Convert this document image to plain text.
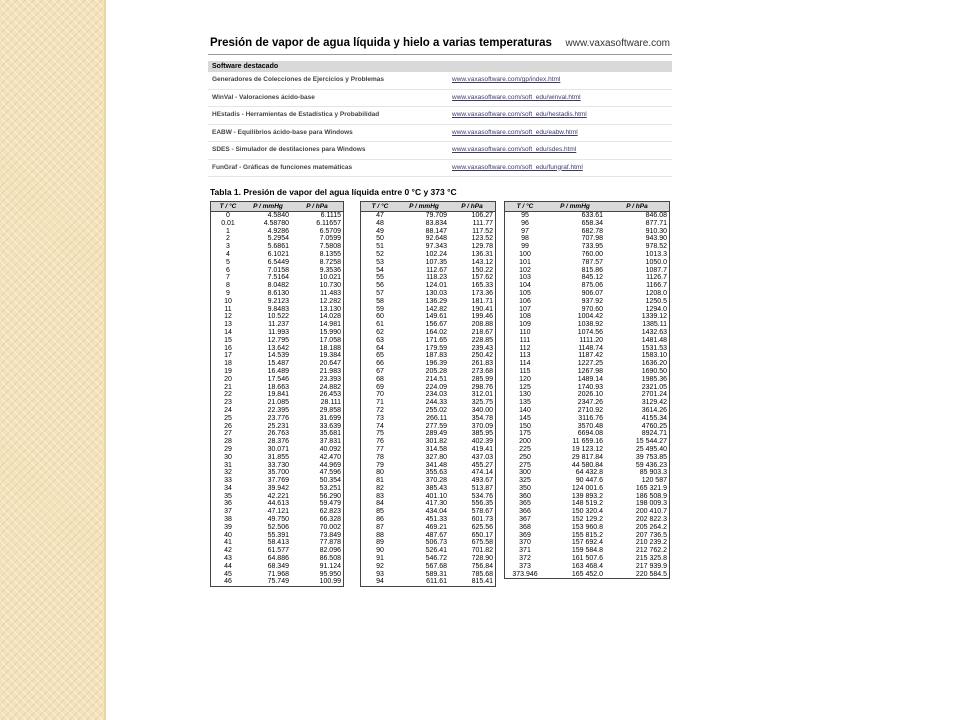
Presión de vapor de agua líquida y hielo a varias temperaturas www.vaxasoftware.com
Software destacado
Generadores de Colecciones de Ejercicios y Problemas	www.vaxasoftware.com/gp/index.html
WinVal - Valoraciones ácido-base	www.vaxasoftware.com/soft_edu/winval.html
HEstadis - Herramientas de Estadística y Probabilidad	www.vaxasoftware.com/soft_edu/hestadis.html
EABW - Equilibrios ácido-base para Windows	www.vaxasoftware.com/soft_edu/eabw.html
SDES - Simulador de destilaciones para Windows	www.vaxasoftware.com/soft_edu/sdes.html
FunGraf - Gráficas de funciones matemáticas	www.vaxasoftware.com/soft_edu/fungraf.html
Tabla 1. Presión de vapor del agua líquida entre 0 °C y 373 °C
T / °C	P / mmHg	P / hPa
0	4.5840	6.1115
0.01	4.58780	6.11657
1	4.9286	6.5709
2	5.2954	7.0599
3	5.6861	7.5808
4	6.1021	8.1355
5	6.5449	8.7258
6	7.0158	9.3536
7	7.5164	10.021
8	8.0482	10.730
9	8.6130	11.483
10	9.2123	12.282
11	9.8483	13.130
12	10.522	14.028
13	11.237	14.981
14	11.993	15.990
15	12.795	17.058
16	13.642	18.188
17	14.539	19.384
18	15.487	20.647
19	16.489	21.983
20	17.546	23.393
21	18.663	24.882
22	19.841	26.453
23	21.085	28.111
24	22.395	29.858
25	23.776	31.699
26	25.231	33.639
27	26.763	35.681
28	28.376	37.831
29	30.071	40.092
30	31.855	42.470
31	33.730	44.969
32	35.700	47.596
33	37.769	50.354
34	39.942	53.251
35	42.221	56.290
36	44.613	59.479
37	47.121	62.823
38	49.750	66.328
39	52.506	70.002
40	55.391	73.849
41	58.413	77.878
42	61.577	82.096
43	64.886	86.508
44	68.349	91.124
45	71.968	95.950
46	75.749	100.99
T / °C	P / mmHg	P / hPa
47	79.709	106.27
48	83.834	111.77
49	88.147	117.52
50	92.648	123.52
51	97.343	129.78
52	102.24	136.31
53	107.35	143.12
54	112.67	150.22
55	118.23	157.62
56	124.01	165.33
57	130.03	173.36
58	136.29	181.71
59	142.82	190.41
60	149.61	199.46
61	156.67	208.88
62	164.02	218.67
63	171.65	228.85
64	179.59	239.43
65	187.83	250.42
66	196.39	261.83
67	205.28	273.68
68	214.51	285.99
69	224.09	298.76
70	234.03	312.01
71	244.33	325.75
72	255.02	340.00
73	266.11	354.78
74	277.59	370.09
75	289.49	385.95
76	301.82	402.39
77	314.58	419.41
78	327.80	437.03
79	341.48	455.27
80	355.63	474.14
81	370.28	493.67
82	385.43	513.87
83	401.10	534.76
84	417.30	556.35
85	434.04	578.67
86	451.33	601.73
87	469.21	625.56
88	487.67	650.17
89	506.73	675.58
90	526.41	701.82
91	546.72	728.90
92	567.68	756.84
93	589.31	785.68
94	611.61	815.41
T / °C	P / mmHg	P / hPa
95	633.61	846.08
96	658.34	877.71
97	682.78	910.30
98	707.98	943.90
99	733.95	978.52
100	760.00	1013.3
101	787.57	1050.0
102	815.86	1087.7
103	845.12	1126.7
104	875.06	1166.7
105	906.07	1208.0
106	937.92	1250.5
107	970.60	1294.0
108	1004.42	1339.12
109	1038.92	1385.11
110	1074.56	1432.63
111	1111.20	1481.48
112	1148.74	1531.53
113	1187.42	1583.10
114	1227.25	1636.20
115	1267.98	1690.50
120	1489.14	1985.36
125	1740.93	2321.05
130	2026.10	2701.24
135	2347.26	3129.42
140	2710.92	3614.26
145	3116.76	4155.34
150	3570.48	4760.25
175	6694.08	8924.71
200	11 659.16	15 544.27
225	19 123.12	25 495.40
250	29 817.84	39 753.85
275	44 580.84	59 436.23
300	64 432.8	85 903.3
325	90 447.6	120 587
350	124 001.6	165 321.9
360	139 893.2	186 508.9
365	148 519.2	198 009.3
366	150 320.4	200 410.7
367	152 129.2	202 822.3
368	153 960.8	205 264.2
369	155 815.2	207 736.5
370	157 692.4	210 239.2
371	159 584.8	212 762.2
372	161 507.6	215 325.8
373	163 468.4	217 939.9
373.946	165 452.0	220 584.5
